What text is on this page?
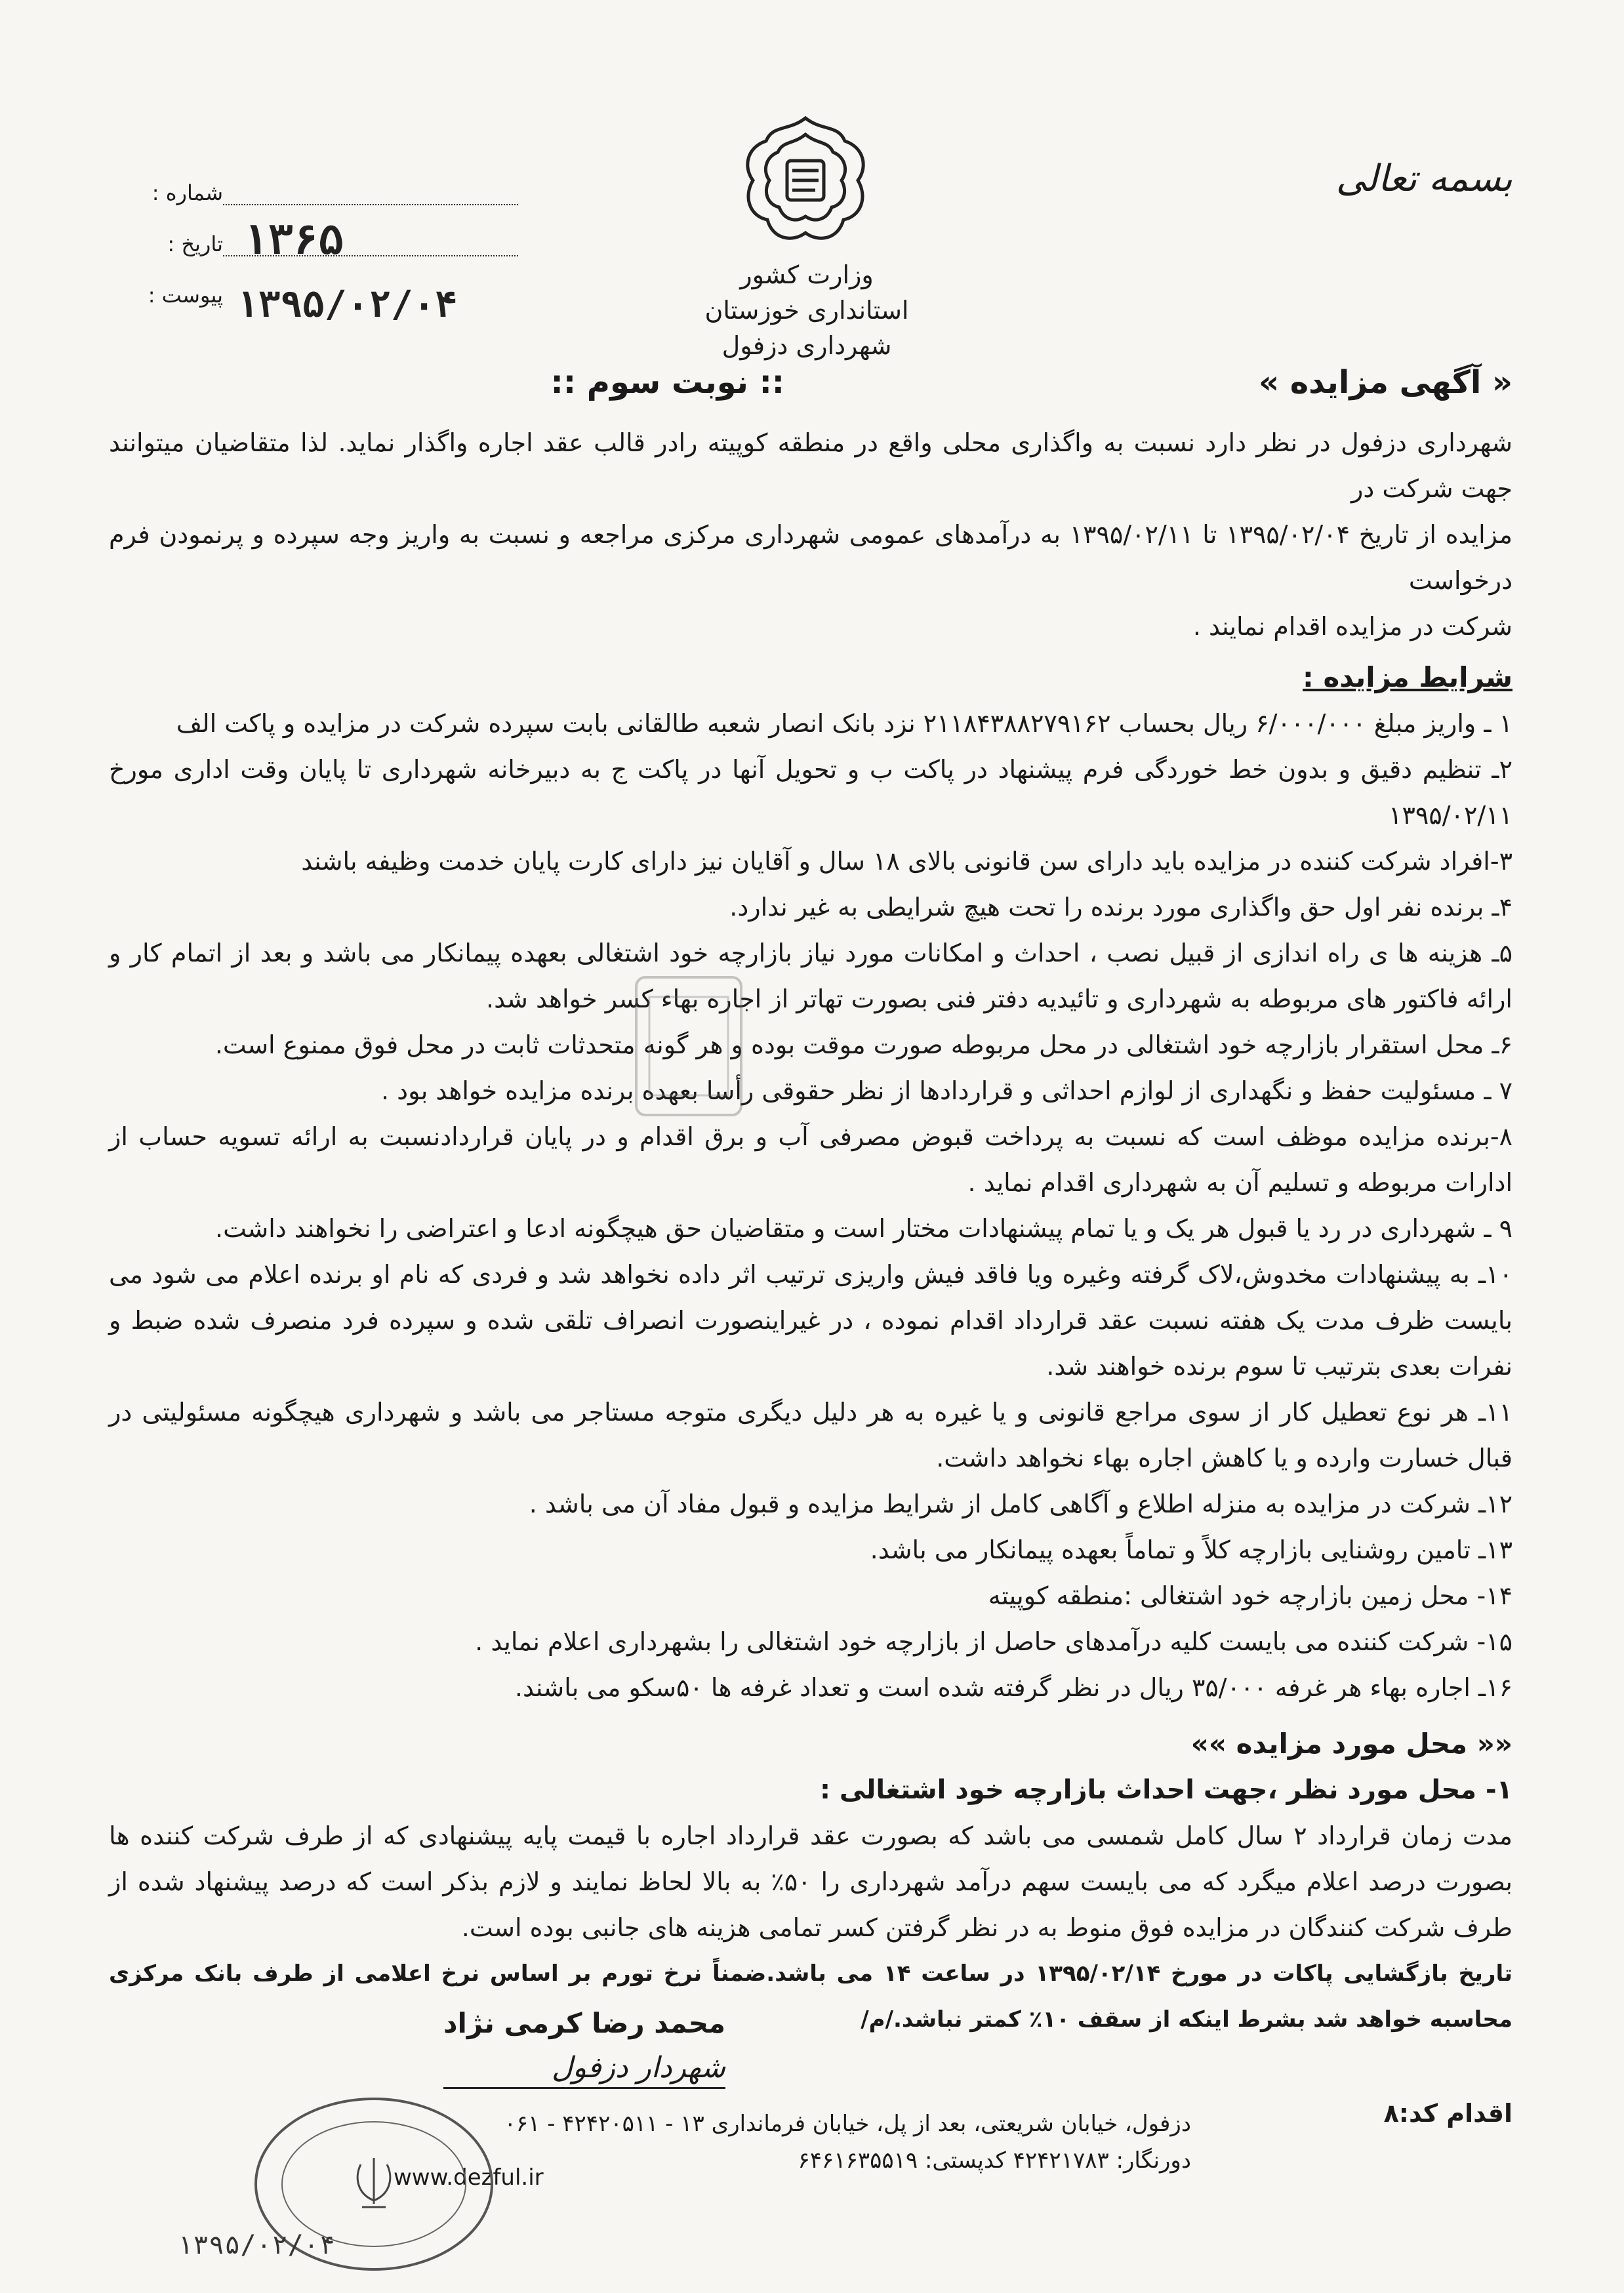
بسمه تعالی
وزارت کشور
استانداری خوزستان
شهرداری دزفول
شماره :
۱۳۶۵
تاریخ :
۱۳۹۵/۰۲/۰۴
پیوست :
« آگهی مزایده »
:: نوبت سوم ::

شهرداری دزفول در نظر دارد نسبت به واگذاری محلی واقع در منطقه کوپیته رادر قالب عقد اجاره واگذار نماید. لذا متقاضیان میتوانند جهت شرکت در

مزایده از تاریخ ۱۳۹۵/۰۲/۰۴ تا ۱۳۹۵/۰۲/۱۱ به درآمدهای عمومی شهرداری مرکزی مراجعه و نسبت به واریز وجه سپرده و پرنمودن فرم درخواست

شرکت در مزایده اقدام نمایند .

شرایط مزایده :

۱ ـ واریز مبلغ ۶/۰۰۰/۰۰۰ ریال بحساب ۲۱۱۸۴۳۸۸۲۷۹۱۶۲ نزد بانک انصار شعبه طالقانی بابت سپرده شرکت در مزایده و پاکت الف

۲ـ تنظیم دقیق و بدون خط خوردگی فرم پیشنهاد در پاکت ب و تحویل آنها در پاکت ج به دبیرخانه شهرداری تا پایان وقت اداری مورخ ۱۳۹۵/۰۲/۱۱

۳-افراد شرکت کننده در مزایده باید دارای سن قانونی بالای ۱۸ سال و آقایان نیز دارای کارت پایان خدمت وظیفه باشند

۴ـ برنده نفر اول حق واگذاری مورد برنده را تحت هیچ شرایطی به غیر ندارد.

۵ـ هزینه ها ی راه اندازی از قبیل نصب ، احداث و امکانات مورد نیاز بازارچه خود اشتغالی بعهده پیمانکار می باشد و بعد از اتمام کار و ارائه فاکتور های مربوطه به شهرداری و تائیدیه دفتر فنی بصورت تهاتر از اجاره بهاء کسر خواهد شد.

۶ـ محل استقرار بازارچه خود اشتغالی در محل مربوطه صورت موقت بوده و هر گونه متحدثات ثابت در محل فوق ممنوع است.

۷ ـ مسئولیت حفظ و نگهداری از لوازم احداثی و قراردادها از نظر حقوقی رأسا بعهده برنده مزایده خواهد بود .

۸-برنده مزایده موظف است که نسبت به پرداخت قبوض مصرفی آب و برق اقدام و در پایان قراردادنسبت به ارائه تسویه حساب از ادارات مربوطه و تسلیم آن به شهرداری اقدام نماید .

۹ ـ شهرداری در رد یا قبول هر یک و یا تمام پیشنهادات مختار است و متقاضیان حق هیچگونه ادعا و اعتراضی را نخواهند داشت.

۱۰ـ به پیشنهادات مخدوش،لاک گرفته وغیره ویا فاقد فیش واریزی ترتیب اثر داده نخواهد شد و فردی که نام او برنده اعلام می شود می بایست ظرف مدت یک هفته نسبت عقد قرارداد اقدام نموده ، در غیراینصورت انصراف تلقی شده و سپرده فرد منصرف شده ضبط و نفرات بعدی بترتیب تا سوم برنده خواهند شد.

۱۱ـ هر نوع تعطیل کار از سوی مراجع قانونی و یا غیره به هر دلیل دیگری متوجه مستاجر می باشد و شهرداری هیچگونه مسئولیتی در قبال خسارت وارده و یا کاهش اجاره بهاء نخواهد داشت.

۱۲ـ شرکت در مزایده به منزله اطلاع و آگاهی کامل از شرایط مزایده و قبول مفاد آن می باشد .

۱۳ـ تامین روشنایی بازارچه کلاً و تماماً بعهده پیمانکار می باشد.

۱۴- محل زمین بازارچه خود اشتغالی :منطقه کوپیته

۱۵- شرکت کننده می بایست کلیه درآمدهای حاصل از بازارچه خود اشتغالی را بشهرداری اعلام نماید .

۱۶ـ اجاره بهاء هر غرفه ۳۵/۰۰۰ ریال در نظر گرفته شده است و تعداد غرفه ها ۵۰سکو می باشند.

«« محل مورد مزایده »»

۱- محل مورد نظر ،جهت احداث بازارچه خود اشتغالی :

مدت زمان قرارداد ۲ سال کامل شمسی می باشد که بصورت عقد قرارداد اجاره با قیمت پایه پیشنهادی که از طرف شرکت کننده ها بصورت درصد اعلام میگرد که می بایست سهم درآمد شهرداری را ۵۰٪ به بالا لحاظ نمایند و لازم بذکر است که درصد پیشنهاد شده از طرف شرکت کنندگان در مزایده فوق منوط به در نظر گرفتن کسر تمامی هزینه های جانبی بوده است.

تاریخ بازگشایی پاکات در مورخ ۱۳۹۵/۰۲/۱۴ در ساعت ۱۴ می باشد.ضمناً نرخ تورم بر اساس نرخ اعلامی از طرف بانک مرکزی محاسبه خواهد شد بشرط اینکه از سقف ۱۰٪ کمتر نباشد./م/

محمد رضا کرمی نژاد
شهردار دزفول
اقدام کد:۸
دزفول، خیابان شریعتی، بعد از پل، خیابان فرمانداری ۱۳ - ۴۲۴۲۰۵۱۱ - ۰۶۱
دورنگار: ۴۲۴۲۱۷۸۳ کدپستی: ۶۴۶۱۶۳۵۵۱۹
www.dezful.ir
۱۳۹۵/۰۲/۰۴
